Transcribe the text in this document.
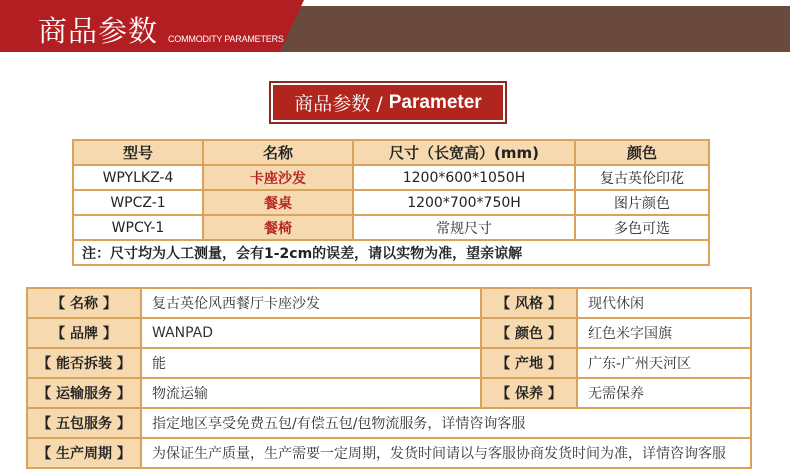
商品参数 COMMODITY PARAMETERS
商品参数 / Parameter
型号	名称	尺寸（长宽高）(mm)	颜色
WPYLKZ-4	卡座沙发	1200*600*1050H	复古英伦印花
WPCZ-1	餐桌	1200*700*750H	图片颜色
WPCY-1	餐椅	常规尺寸	多色可选
注：尺寸均为人工测量，会有1-2cm的误差，请以实物为准，望亲谅解			
【 名称 】	复古英伦风西餐厅卡座沙发	【 风格 】	现代休闲
【 品牌 】	WANPAD	【 颜色 】	红色米字国旗
【 能否拆装 】	能	【 产地 】	广东-广州天河区
【 运输服务 】	物流运输	【 保养 】	无需保养
【 五包服务 】	指定地区享受免费五包/有偿五包/包物流服务，详情咨询客服		
【 生产周期 】	为保证生产质量，生产需要一定周期，发货时间请以与客服协商发货时间为准，详情咨询客服		
